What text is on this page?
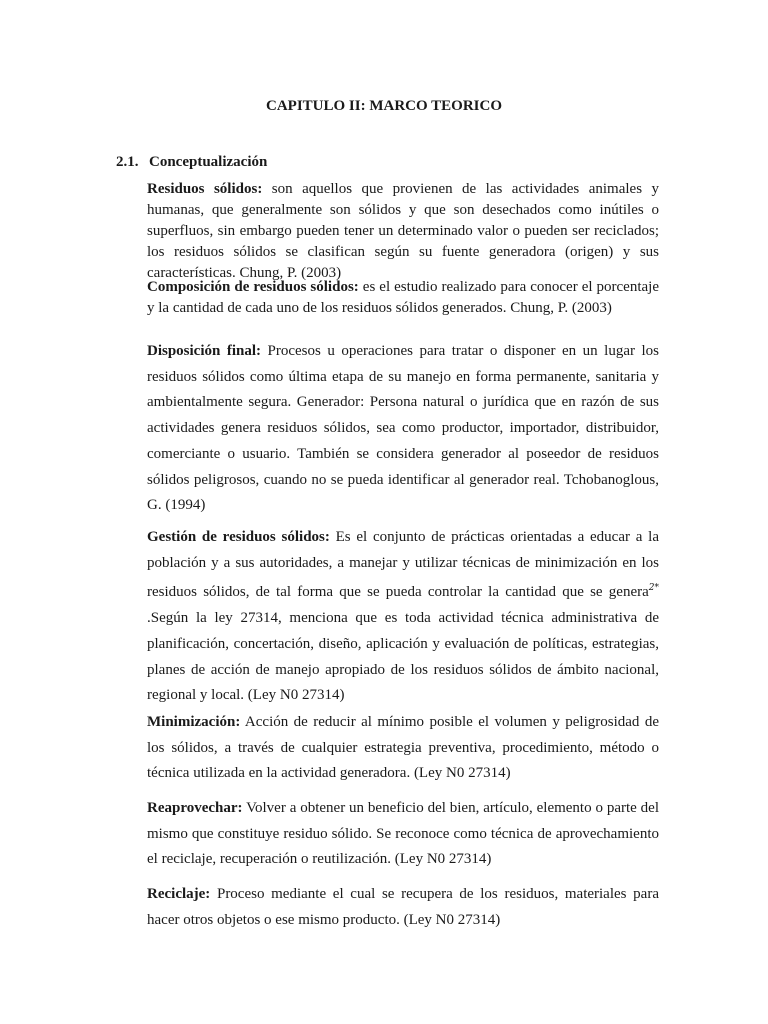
CAPITULO II: MARCO TEORICO
2.1. Conceptualización

Residuos sólidos: son aquellos que provienen de las actividades animales y humanas, que generalmente son sólidos y que son desechados como inútiles o superfluos, sin embargo pueden tener un determinado valor o pueden ser reciclados; los residuos sólidos se clasifican según su fuente generadora (origen) y sus características. Chung, P. (2003)

Composición de residuos sólidos: es el estudio realizado para conocer el porcentaje y la cantidad de cada uno de los residuos sólidos generados. Chung, P. (2003)

Disposición final: Procesos u operaciones para tratar o disponer en un lugar los residuos sólidos como última etapa de su manejo en forma permanente, sanitaria y ambientalmente segura. Generador: Persona natural o jurídica que en razón de sus actividades genera residuos sólidos, sea como productor, importador, distribuidor, comerciante o usuario. También se considera generador al poseedor de residuos sólidos peligrosos, cuando no se pueda identificar al generador real. Tchobanoglous, G. (1994)

Gestión de residuos sólidos: Es el conjunto de prácticas orientadas a educar a la población y a sus autoridades, a manejar y utilizar técnicas de minimización en los residuos sólidos, de tal forma que se pueda controlar la cantidad que se genera$^{2*}$ .Según la ley 27314, menciona que es toda actividad técnica administrativa de planificación, concertación, diseño, aplicación y evaluación de políticas, estrategias, planes de acción de manejo apropiado de los residuos sólidos de ámbito nacional, regional y local. (Ley N0 27314)

Minimización: Acción de reducir al mínimo posible el volumen y peligrosidad de los sólidos, a través de cualquier estrategia preventiva, procedimiento, método o técnica utilizada en la actividad generadora. (Ley N0 27314)

Reaprovechar: Volver a obtener un beneficio del bien, artículo, elemento o parte del mismo que constituye residuo sólido. Se reconoce como técnica de aprovechamiento el reciclaje, recuperación o reutilización. (Ley N0 27314)

Reciclaje: Proceso mediante el cual se recupera de los residuos, materiales para hacer otros objetos o ese mismo producto. (Ley N0 27314)
